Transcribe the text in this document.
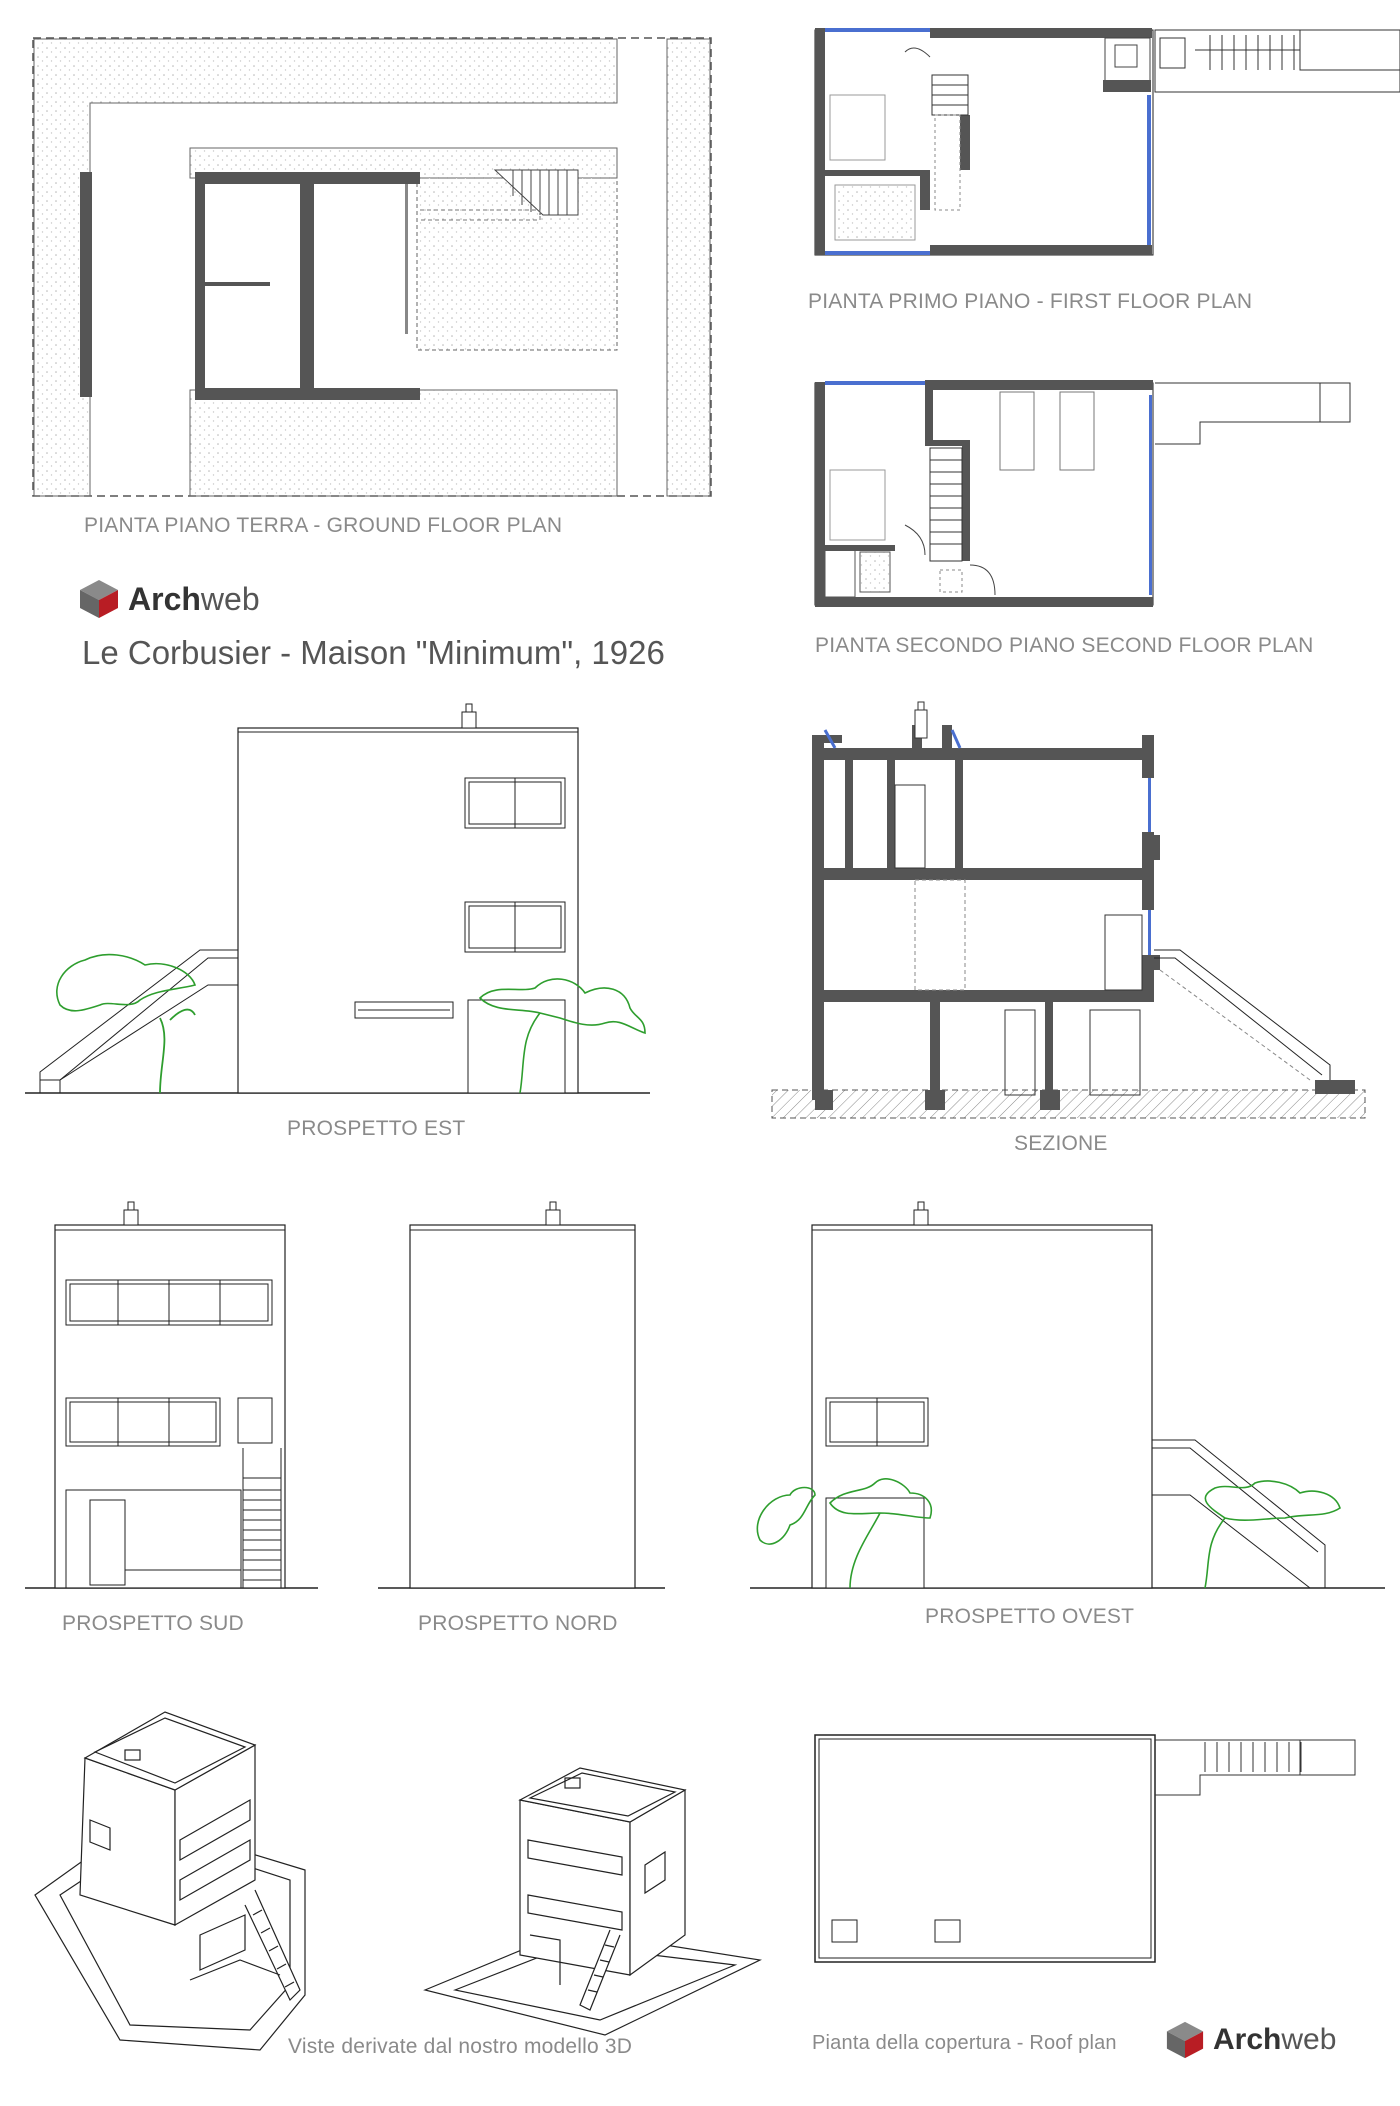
PIANTA PIANO TERRA - GROUND FLOOR PLAN
PIANTA PRIMO PIANO - FIRST FLOOR PLAN
PIANTA SECONDO PIANO SECOND FLOOR PLAN
PROSPETTO EST
SEZIONE
PROSPETTO SUD	PROSPETTO NORD	PROSPETTO OVEST
Viste derivate dal nostro modello 3D	Pianta della copertura - Roof plan
Archweb
Le Corbusier - Maison "Minimum", 1926
Archweb
